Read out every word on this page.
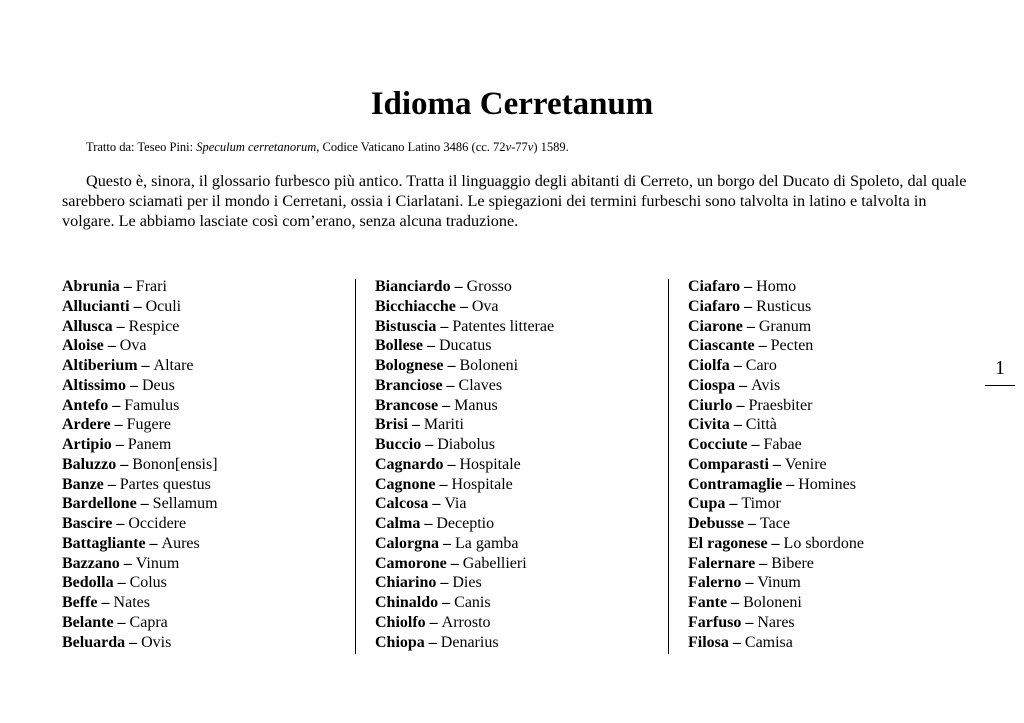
Idioma Cerretanum
Tratto da: Teseo Pini: Speculum cerretanorum, Codice Vaticano Latino 3486 (cc. 72v-77v) 1589.

Questo è, sinora, il glossario furbesco più antico. Tratta il linguaggio degli abitanti di Cerreto, un borgo del Ducato di Spoleto, dal quale sarebbero sciamati per il mondo i Cerretani, ossia i Ciarlatani. Le spiegazioni dei termini furbeschi sono talvolta in latino e talvolta in volgare. Le abbiamo lasciate così com’erano, senza alcuna traduzione.

Abrunia – Frari
Allucianti – Oculi
Allusca – Respice
Aloise – Ova
Altiberium – Altare
Altissimo – Deus
Antefo – Famulus
Ardere – Fugere
Artipio – Panem
Baluzzo – Bonon[ensis]
Banze – Partes questus
Bardellone – Sellamum
Bascire – Occidere
Battagliante – Aures
Bazzano – Vinum
Bedolla – Colus
Beffe – Nates
Belante – Capra
Beluarda – Ovis
Bianciardo – Grosso
Bicchiacche – Ova
Bistuscia – Patentes litterae
Bollese – Ducatus
Bolognese – Boloneni
Branciose – Claves
Brancose – Manus
Brisi – Mariti
Buccio – Diabolus
Cagnardo – Hospitale
Cagnone – Hospitale
Calcosa – Via
Calma – Deceptio
Calorgna – La gamba
Camorone – Gabellieri
Chiarino – Dies
Chinaldo – Canis
Chiolfo – Arrosto
Chiopa – Denarius
Ciafaro – Homo
Ciafaro – Rusticus
Ciarone – Granum
Ciascante – Pecten
Ciolfa – Caro
Ciospa – Avis
Ciurlo – Praesbiter
Civita – Città
Cocciute – Fabae
Comparasti – Venire
Contramaglie – Homines
Cupa – Timor
Debusse – Tace
El ragonese – Lo sbordone
Falernare – Bibere
Falerno – Vinum
Fante – Boloneni
Farfuso – Nares
Filosa – Camisa
1
